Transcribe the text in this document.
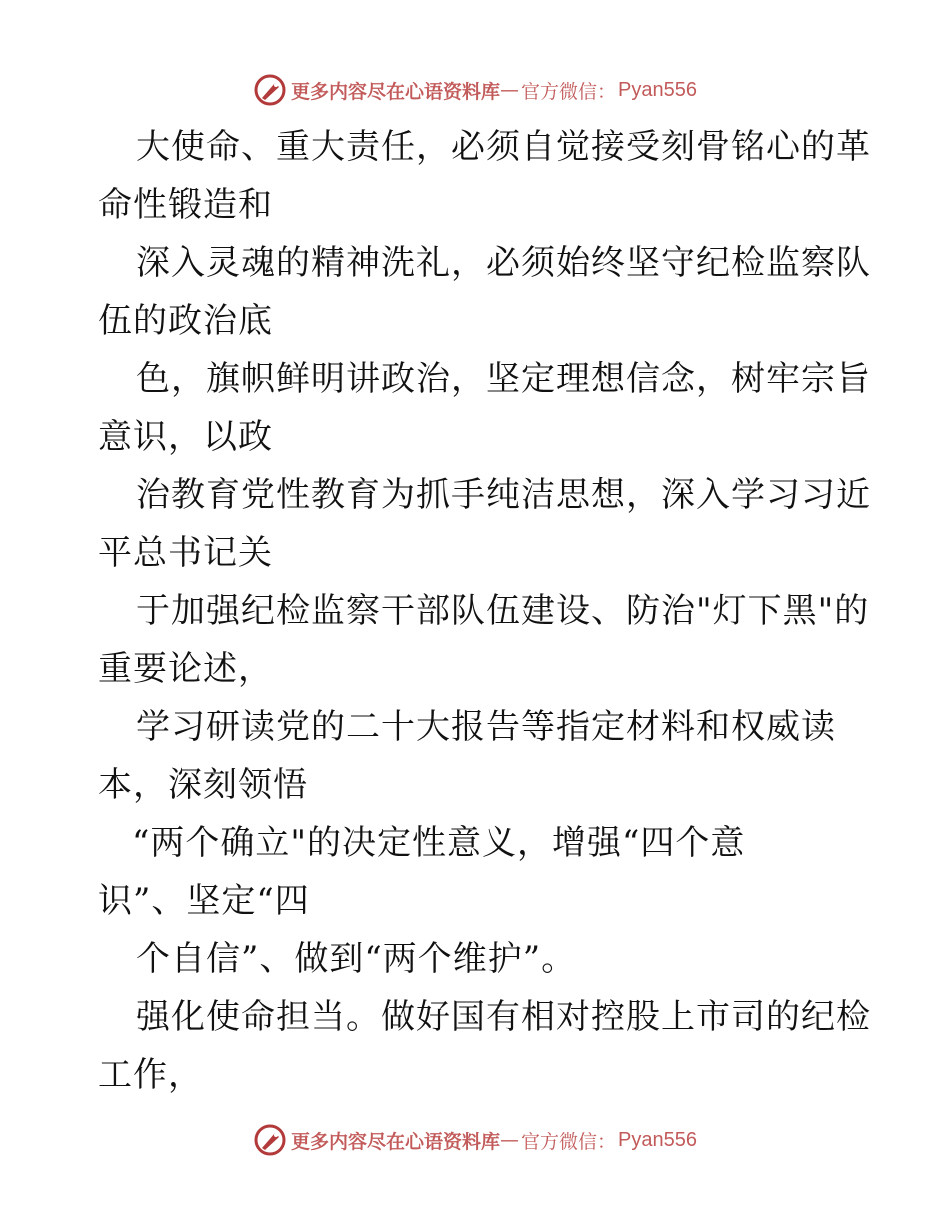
更多内容尽在心语资料库 — 官方微信： Pyan556
大使命、重大责任，必须自觉接受刻骨铭心的革
命性锻造和
深入灵魂的精神洗礼，必须始终坚守纪检监察队
伍的政治底
色，旗帜鲜明讲政治，坚定理想信念，树牢宗旨
意识，以政
治教育党性教育为抓手纯洁思想，深入学习习近
平总书记关
于加强纪检监察干部队伍建设、防治"灯下黑"的
重要论述，
学习研读党的二十大报告等指定材料和权威读
本，深刻领悟
“两个确立"的决定性意义，增强“四个意
识”、坚定“四
个自信”、做到“两个维护”。
强化使命担当。做好国有相对控股上市司的纪检
工作，
更多内容尽在心语资料库 — 官方微信： Pyan556
